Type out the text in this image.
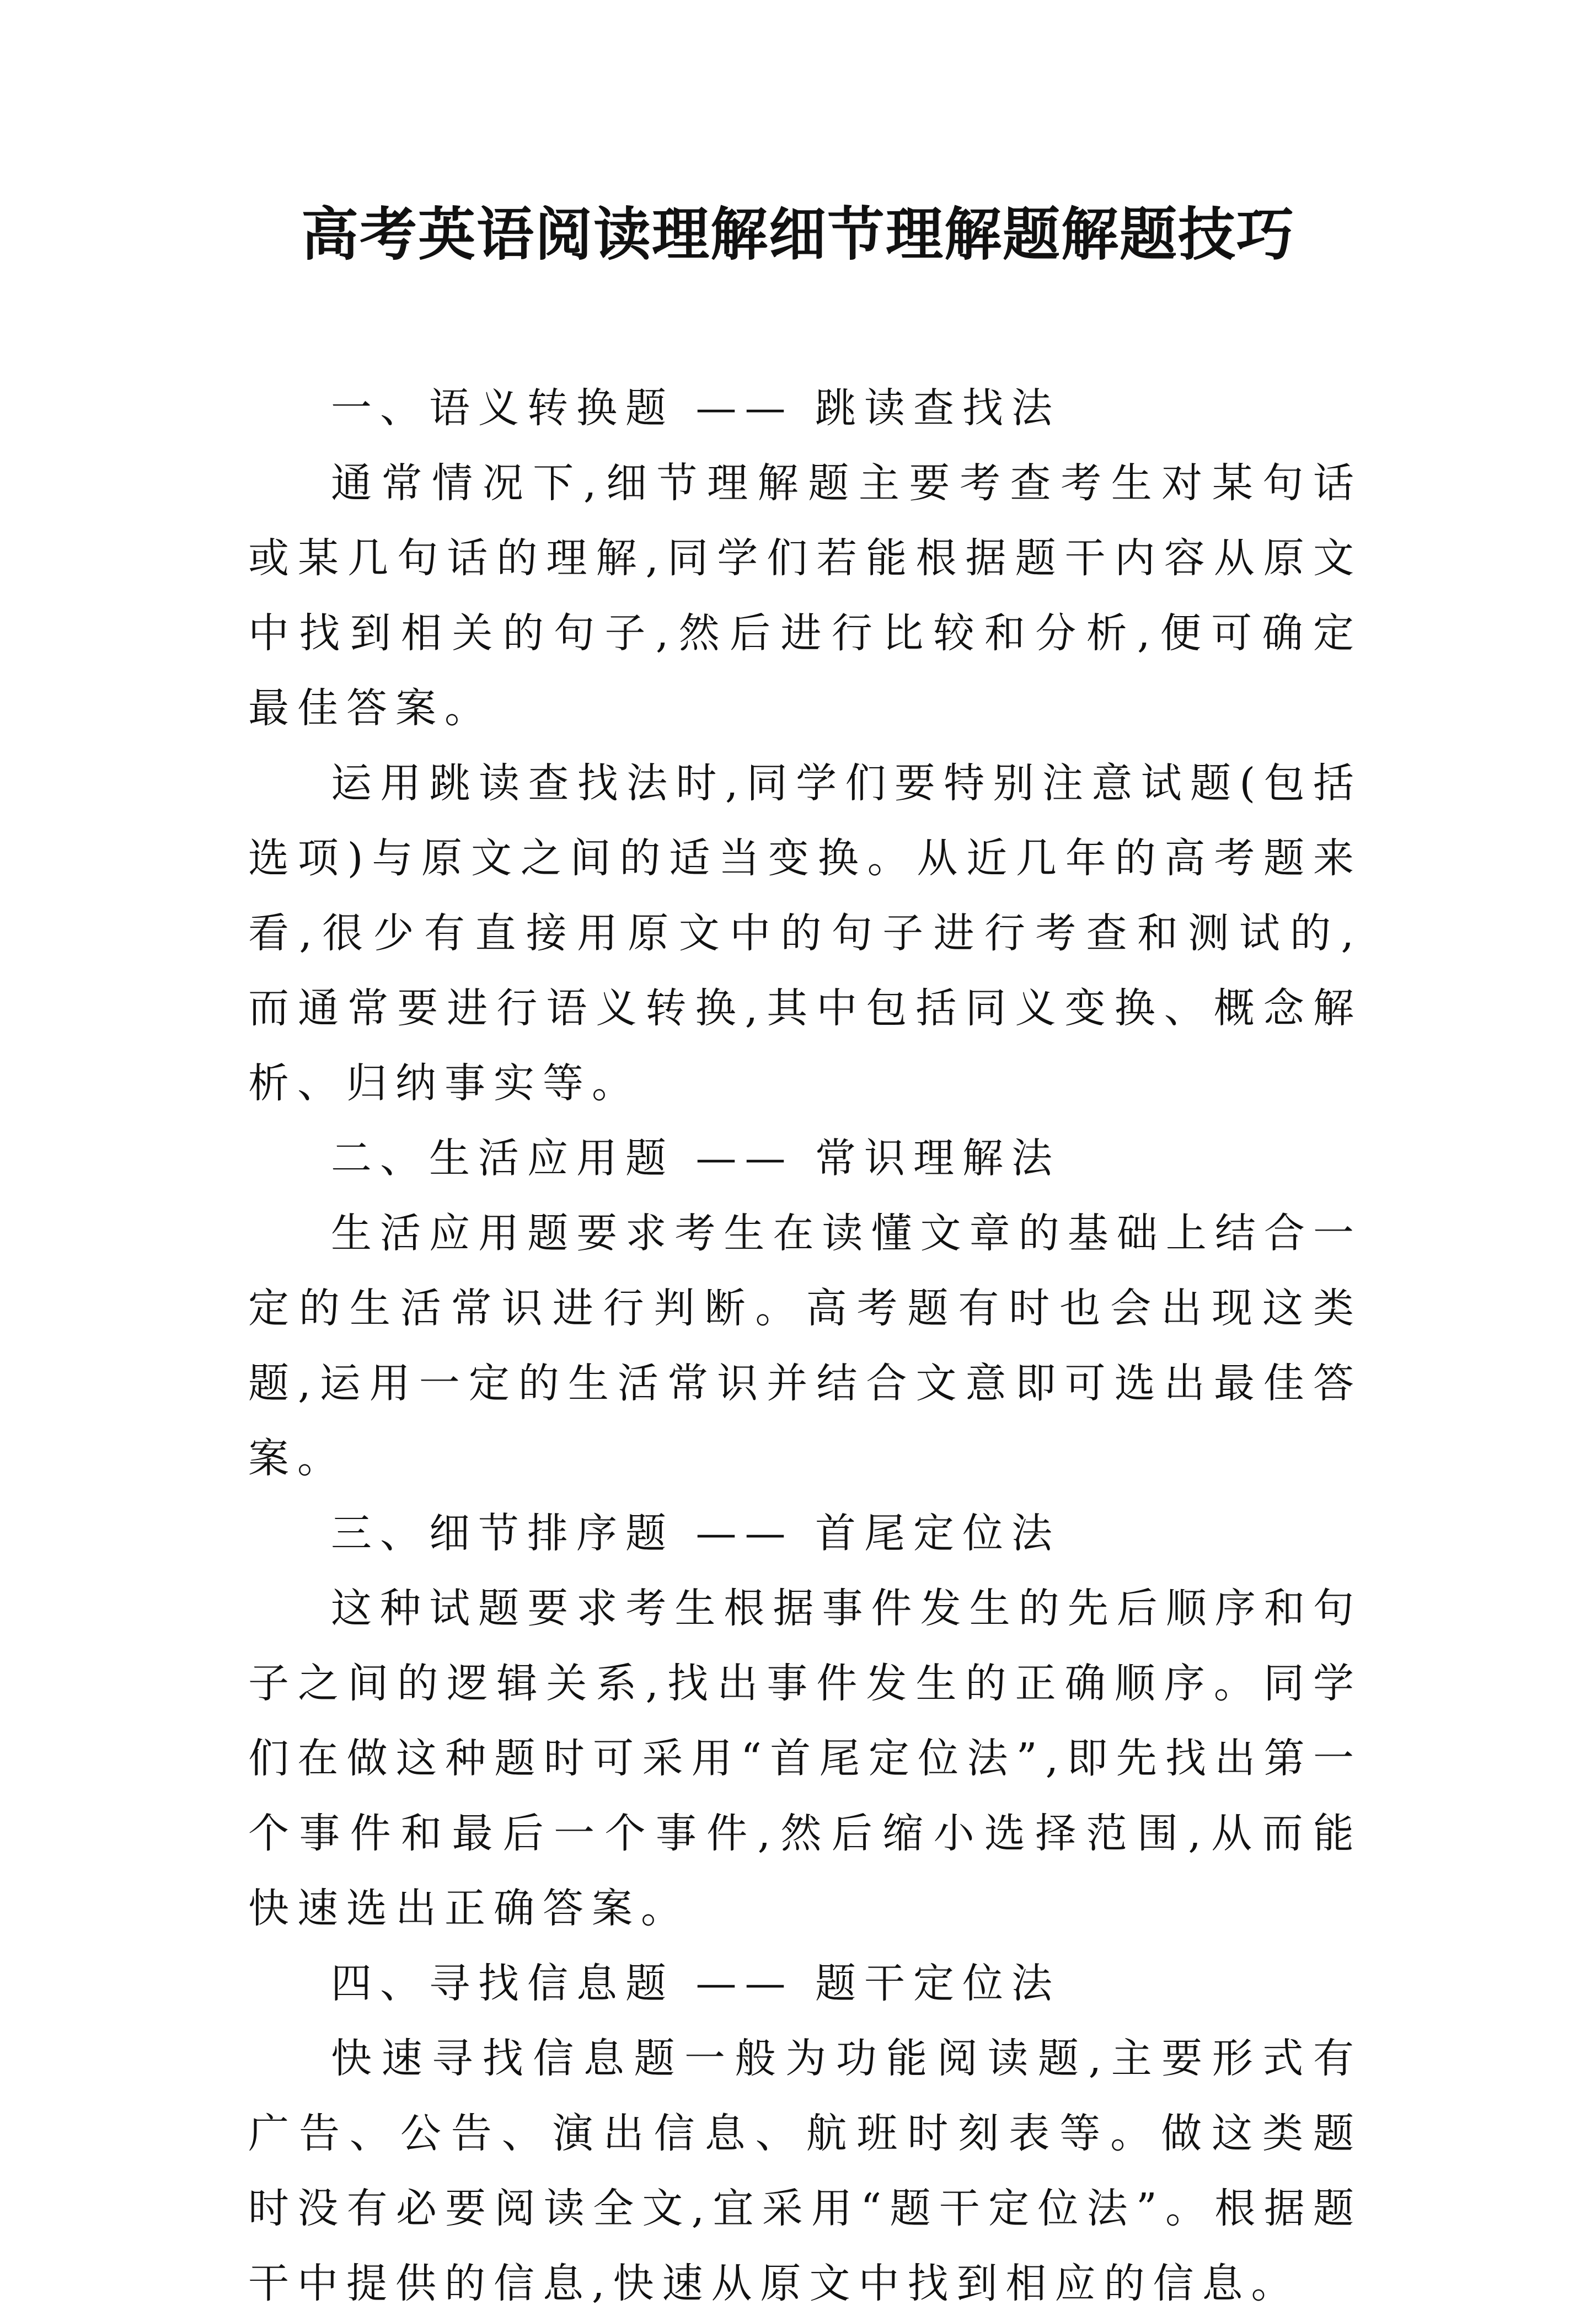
高考英语阅读理解细节理解题解题技巧

一、语义转换题 —— 跳读查找法

通常情况下,细节理解题主要考查考生对某句话或某几句话的理解,同学们若能根据题干内容从原文中找到相关的句子,然后进行比较和分析,便可确定最佳答案。

运用跳读查找法时,同学们要特别注意试题(包括选项)与原文之间的适当变换。从近几年的高考题来看,很少有直接用原文中的句子进行考查和测试的,而通常要进行语义转换,其中包括同义变换、概念解析、归纳事实等。

二、生活应用题 —— 常识理解法

生活应用题要求考生在读懂文章的基础上结合一定的生活常识进行判断。高考题有时也会出现这类题,运用一定的生活常识并结合文意即可选出最佳答案。

三、细节排序题 —— 首尾定位法

这种试题要求考生根据事件发生的先后顺序和句子之间的逻辑关系,找出事件发生的正确顺序。同学们在做这种题时可采用“首尾定位法”,即先找出第一个事件和最后一个事件,然后缩小选择范围,从而能快速选出正确答案。

四、寻找信息题 —— 题干定位法

快速寻找信息题一般为功能阅读题,主要形式有广告、公告、演出信息、航班时刻表等。做这类题时没有必要阅读全文,宜采用“题干定位法”。根据题干中提供的信息,快速从原文中找到相应的信息。
